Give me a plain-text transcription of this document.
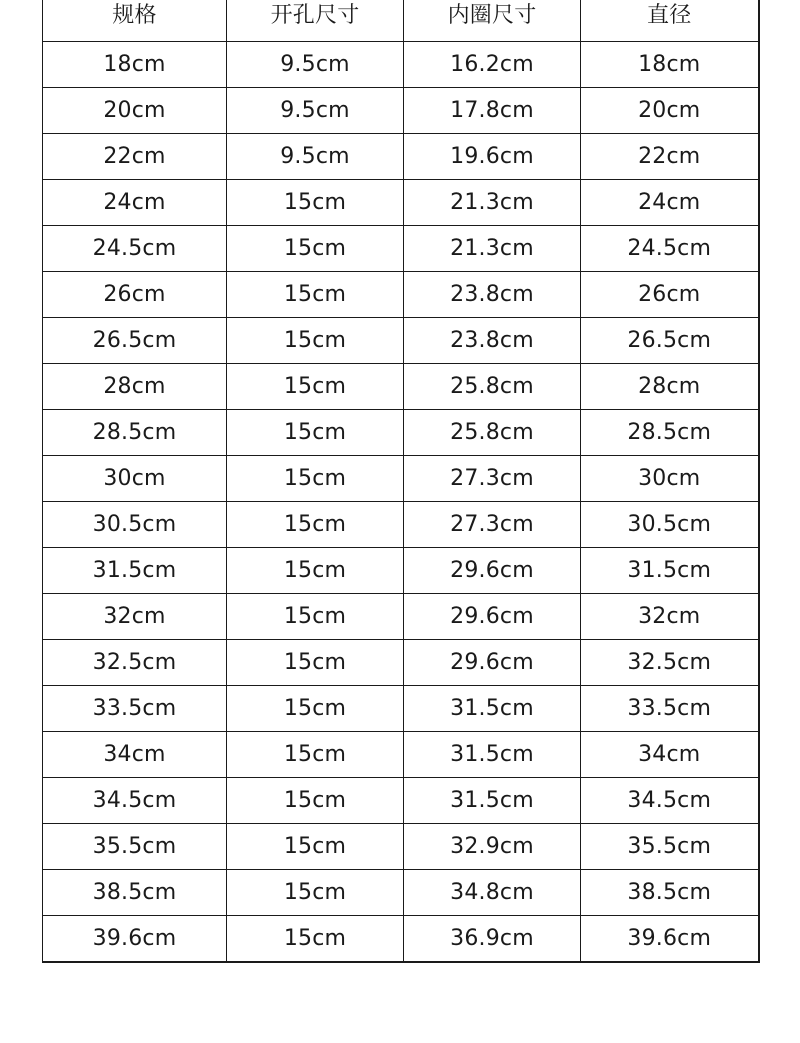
规格	开孔尺寸	内圈尺寸	直径
18cm	9.5cm	16.2cm	18cm
20cm	9.5cm	17.8cm	20cm
22cm	9.5cm	19.6cm	22cm
24cm	15cm	21.3cm	24cm
24.5cm	15cm	21.3cm	24.5cm
26cm	15cm	23.8cm	26cm
26.5cm	15cm	23.8cm	26.5cm
28cm	15cm	25.8cm	28cm
28.5cm	15cm	25.8cm	28.5cm
30cm	15cm	27.3cm	30cm
30.5cm	15cm	27.3cm	30.5cm
31.5cm	15cm	29.6cm	31.5cm
32cm	15cm	29.6cm	32cm
32.5cm	15cm	29.6cm	32.5cm
33.5cm	15cm	31.5cm	33.5cm
34cm	15cm	31.5cm	34cm
34.5cm	15cm	31.5cm	34.5cm
35.5cm	15cm	32.9cm	35.5cm
38.5cm	15cm	34.8cm	38.5cm
39.6cm	15cm	36.9cm	39.6cm
